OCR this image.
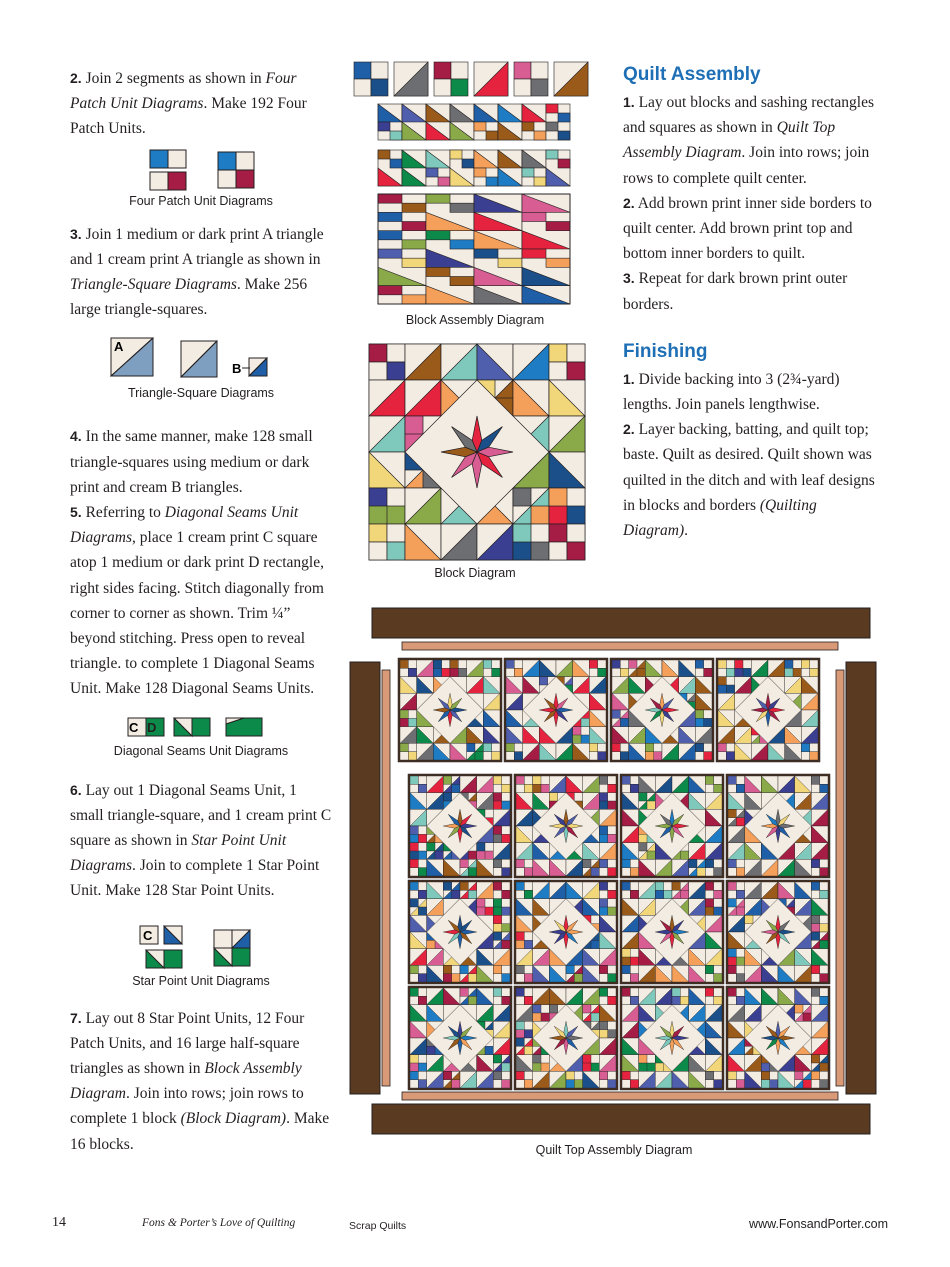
2. Join 2 segments as shown in Four Patch Unit Diagrams. Make 192 Four Patch Units.

Four Patch Unit Diagrams

3. Join 1 medium or dark print A triangle and 1 cream print A triangle as shown in Triangle-Square Diagrams. Make 256 large triangle-squares.

A
B
Triangle-Square Diagrams

4. In the same manner, make 128 small triangle-squares using medium or dark print and cream B triangles.

5. Referring to Diagonal Seams Unit Diagrams, place 1 cream print C square atop 1 medium or dark print D rectangle, right sides facing. Stitch diagonally from corner to corner as shown. Trim ¼” beyond stitching. Press open to reveal triangle. to complete 1 Diagonal Seams Unit. Make 128 Diagonal Seams Units.

C D
Diagonal Seams Unit Diagrams

6. Lay out 1 Diagonal Seams Unit, 1 small triangle-square, and 1 cream print C square as shown in Star Point Unit Diagrams. Join to complete 1 Star Point Unit. Make 128 Star Point Units.

C
Star Point Unit Diagrams

7. Lay out 8 Star Point Units, 12 Four Patch Units, and 16 large half-square triangles as shown in Block Assembly Diagram. Join into rows; join rows to complete 1 block (Block Diagram). Make 16 blocks.

Block Assembly Diagram
Block Diagram
Quilt Assembly

1. Lay out blocks and sashing rectangles and squares as shown in Quilt Top Assembly Diagram. Join into rows; join rows to complete quilt center.

2. Add brown print inner side borders to quilt center. Add brown print top and bottom inner borders to quilt.

3. Repeat for dark brown print outer borders.

Finishing

1. Divide backing into 3 (2¾-yard) lengths. Join panels lengthwise.

2. Layer backing, batting, and quilt top; baste. Quilt as desired. Quilt shown was quilted in the ditch and with leaf designs in blocks and borders (Quilting Diagram).

Quilt Top Assembly Diagram
14	Fons & Porter’s Love of Quilting	Scrap Quilts	www.FonsandPorter.com
